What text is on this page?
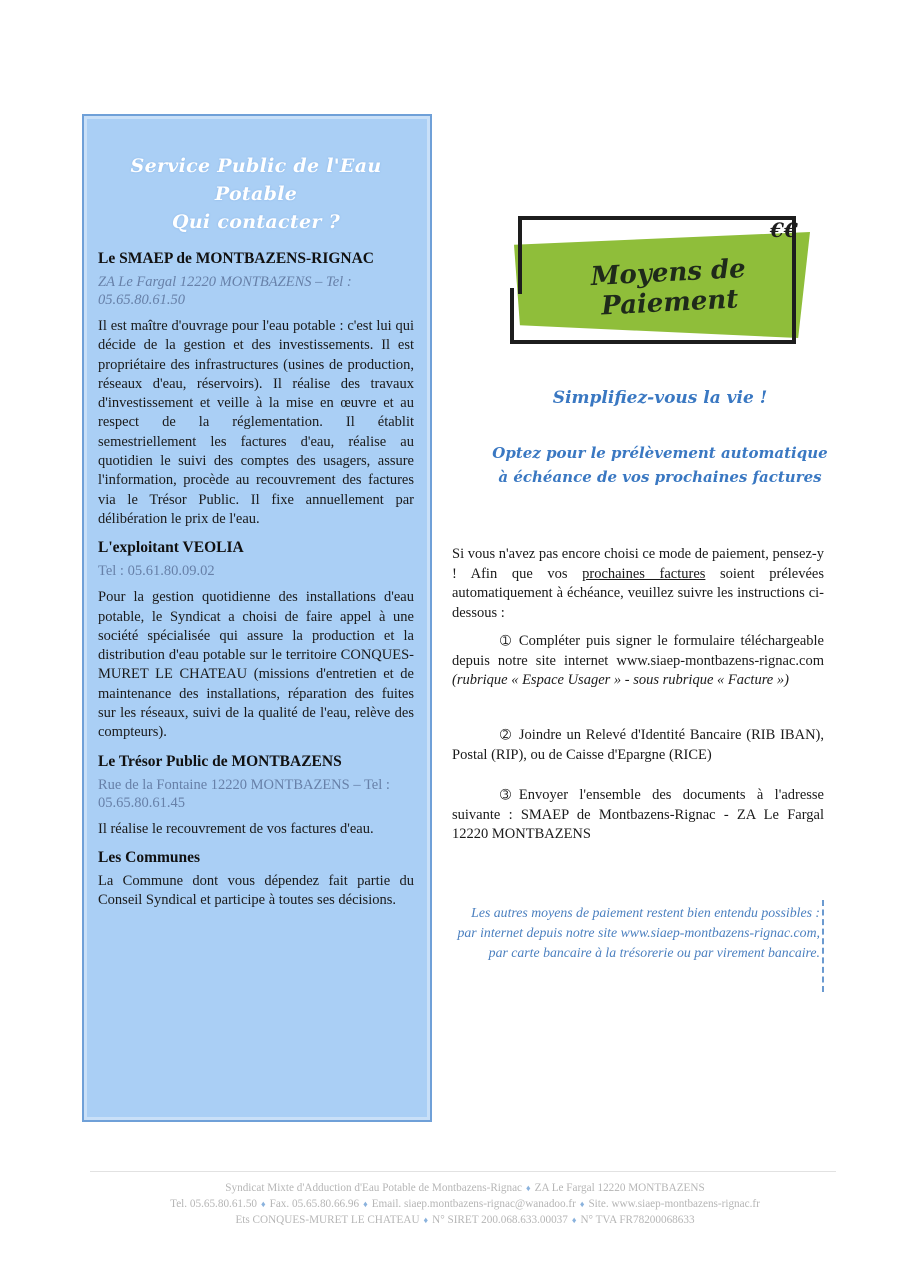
Service Public de l'Eau Potable
Qui contacter ?
Le SMAEP de MONTBAZENS-RIGNAC
ZA Le Fargal 12220 MONTBAZENS – Tel : 05.65.80.61.50

Il est maître d'ouvrage pour l'eau potable : c'est lui qui décide de la gestion et des investissements. Il est propriétaire des infrastructures (usines de production, réseaux d'eau, réservoirs). Il réalise des travaux d'investissement et veille à la mise en œuvre et au respect de la réglementation. Il établit semestriellement les factures d'eau, réalise au quotidien le suivi des comptes des usagers, assure l'information, procède au recouvrement des factures via le Trésor Public. Il fixe annuellement par délibération le prix de l'eau.

L'exploitant VEOLIA
Tel : 05.61.80.09.02

Pour la gestion quotidienne des installations d'eau potable, le Syndicat a choisi de faire appel à une société spécialisée qui assure la production et la distribution d'eau potable sur le territoire CONQUES-MURET LE CHATEAU (missions d'entretien et de maintenance des installations, réparation des fuites sur les réseaux, suivi de la qualité de l'eau, relève des compteurs).

Le Trésor Public de MONTBAZENS
Rue de la Fontaine 12220 MONTBAZENS – Tel : 05.65.80.61.45

Il réalise le recouvrement de vos factures d'eau.

Les Communes

La Commune dont vous dépendez fait partie du Conseil Syndical et participe à toutes ses décisions.

€€
Moyens de Paiement
Simplifiez-vous la vie !
Optez pour le prélèvement automatique
à échéance de vos prochaines factures

Si vous n'avez pas encore choisi ce mode de paiement, pensez-y ! Afin que vos prochaines factures soient prélevées automatiquement à échéance, veuillez suivre les instructions ci-dessous :

➀ Compléter puis signer le formulaire téléchargeable depuis notre site internet www.siaep-montbazens-rignac.com (rubrique « Espace Usager » - sous rubrique « Facture »)

➁ Joindre un Relevé d'Identité Bancaire (RIB IBAN), Postal (RIP), ou de Caisse d'Epargne (RICE)

➂ Envoyer l'ensemble des documents à l'adresse suivante : SMAEP de Montbazens-Rignac - ZA Le Fargal 12220 MONTBAZENS

Les autres moyens de paiement restent bien entendu possibles : par internet depuis notre site www.siaep-montbazens-rignac.com, par carte bancaire à la trésorerie ou par virement bancaire.

Syndicat Mixte d'Adduction d'Eau Potable de Montbazens-Rignac ♦ ZA Le Fargal 12220 MONTBAZENS
Tel. 05.65.80.61.50 ♦ Fax. 05.65.80.66.96 ♦ Email. siaep.montbazens-rignac@wanadoo.fr ♦ Site. www.siaep-montbazens-rignac.fr
Ets CONQUES-MURET LE CHATEAU ♦ N° SIRET 200.068.633.00037 ♦ N° TVA FR78200068633
